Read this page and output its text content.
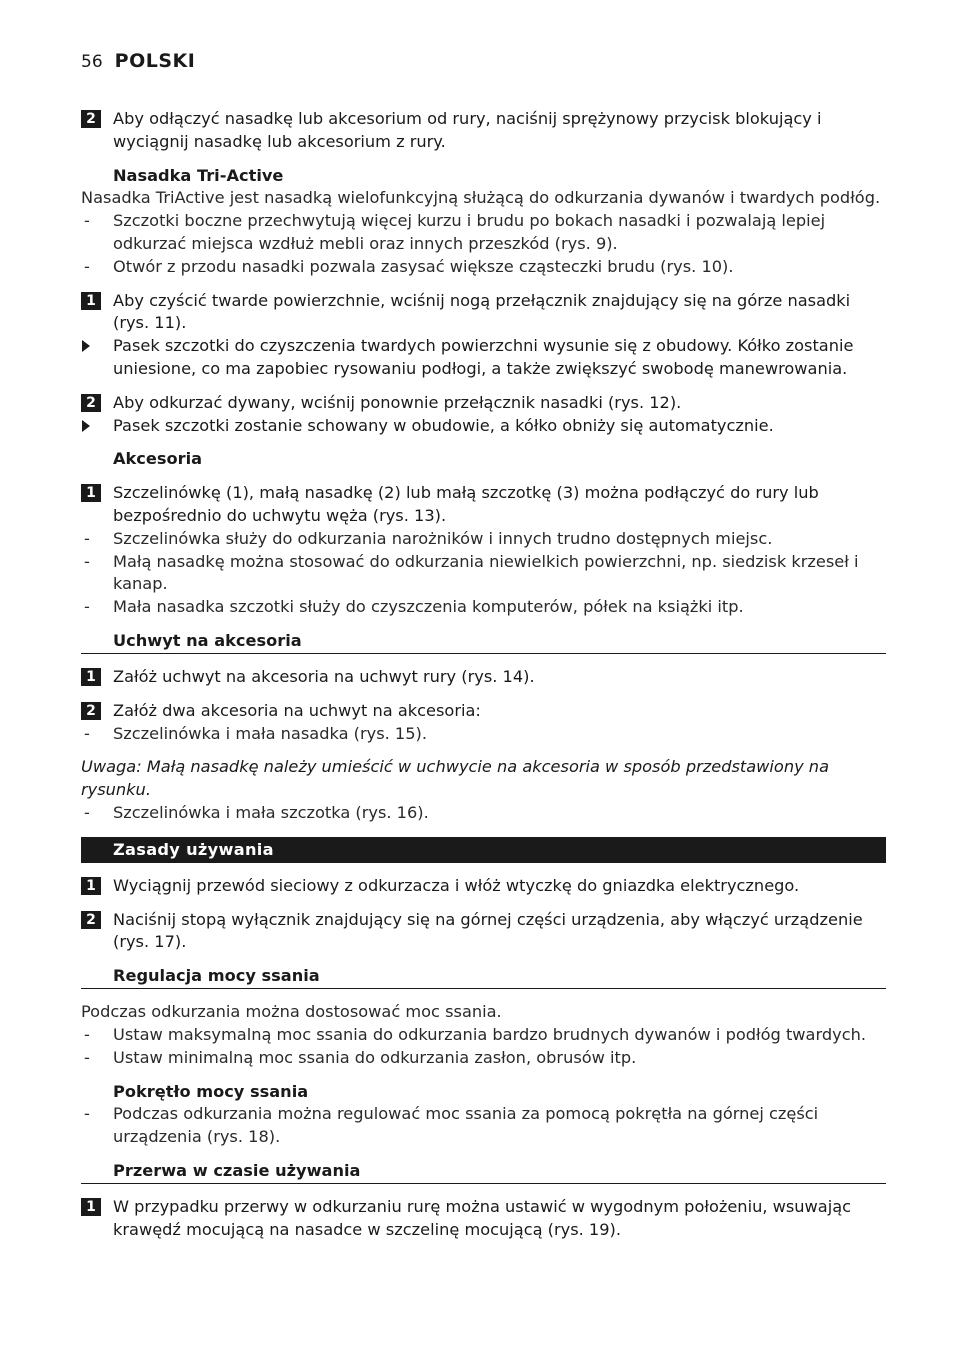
56 POLSKI
2	Aby odłączyć nasadkę lub akcesorium od rury, naciśnij sprężynowy przycisk blokujący i wyciągnij nasadkę lub akcesorium z rury.
Nasadka Tri-Active
Nasadka TriActive jest nasadką wielofunkcyjną służącą do odkurzania dywanów i twardych podłóg.
-	Szczotki boczne przechwytują więcej kurzu i brudu po bokach nasadki i pozwalają lepiej odkurzać miejsca wzdłuż mebli oraz innych przeszkód (rys. 9).
-	Otwór z przodu nasadki pozwala zasysać większe cząsteczki brudu (rys. 10).
1	Aby czyścić twarde powierzchnie, wciśnij nogą przełącznik znajdujący się na górze nasadki (rys. 11).
Pasek szczotki do czyszczenia twardych powierzchni wysunie się z obudowy. Kółko zostanie uniesione, co ma zapobiec rysowaniu podłogi, a także zwiększyć swobodę manewrowania.
2	Aby odkurzać dywany, wciśnij ponownie przełącznik nasadki (rys. 12).
Pasek szczotki zostanie schowany w obudowie, a kółko obniży się automatycznie.
Akcesoria
1	Szczelinówkę (1), małą nasadkę (2) lub małą szczotkę (3) można podłączyć do rury lub bezpośrednio do uchwytu węża (rys. 13).
-	Szczelinówka służy do odkurzania narożników i innych trudno dostępnych miejsc.
-	Małą nasadkę można stosować do odkurzania niewielkich powierzchni, np. siedzisk krzeseł i kanap.
-	Mała nasadka szczotki służy do czyszczenia komputerów, półek na książki itp.
Uchwyt na akcesoria
1	Załóż uchwyt na akcesoria na uchwyt rury (rys. 14).
2	Załóż dwa akcesoria na uchwyt na akcesoria:
-	Szczelinówka i mała nasadka (rys. 15).
Uwaga: Małą nasadkę należy umieścić w uchwycie na akcesoria w sposób przedstawiony na rysunku.
-	Szczelinówka i mała szczotka (rys. 16).
Zasady używania
1	Wyciągnij przewód sieciowy z odkurzacza i włóż wtyczkę do gniazdka elektrycznego.
2	Naciśnij stopą wyłącznik znajdujący się na górnej części urządzenia, aby włączyć urządzenie (rys. 17).
Regulacja mocy ssania
Podczas odkurzania można dostosować moc ssania.
-	Ustaw maksymalną moc ssania do odkurzania bardzo brudnych dywanów i podłóg twardych.
-	Ustaw minimalną moc ssania do odkurzania zasłon, obrusów itp.
Pokrętło mocy ssania
-	Podczas odkurzania można regulować moc ssania za pomocą pokrętła na górnej części urządzenia (rys. 18).
Przerwa w czasie używania
1	W przypadku przerwy w odkurzaniu rurę można ustawić w wygodnym położeniu, wsuwając krawędź mocującą na nasadce w szczelinę mocującą (rys. 19).
